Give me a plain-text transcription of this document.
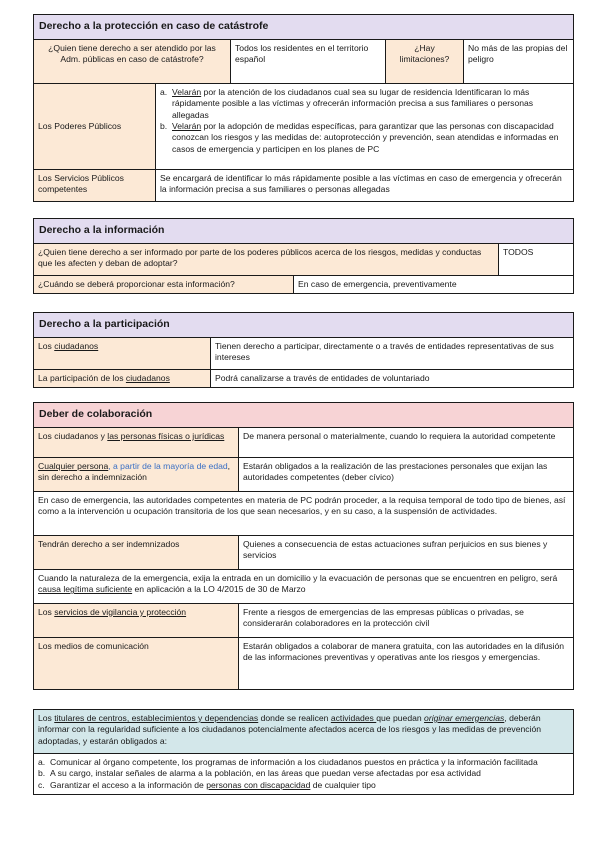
Derecho a la protección en caso de catástrofe				
¿Quien tiene derecho a ser atendido por las Adm. públicas en caso de catástrofe?		Todos los residentes en el territorio español	¿Hay limitaciones?	No más de las propias del peligro
Los Poderes Públicos	a. Velarán por la atención de los ciudadanos cual sea su lugar de residencia Identificaran lo más rápidamente posible a las víctimas y ofrecerán información precisa a sus familiares o personas allegadas
b. Velarán por la adopción de medidas específicas, para garantizar que las personas con discapacidad conozcan los riesgos y las medidas de: autoprotección y prevención, sean atendidas e informadas en casos de emergencia y participen en los planes de PC			

Los Servicios Públicos competentes	Se encargará de identificar lo más rápidamente posible a las víctimas en caso de emergencia y ofrecerán la información precisa a sus familiares o personas allegadas			
Derecho a la información		
¿Quien tiene derecho a ser informado por parte de los poderes públicos acerca de los riesgos, medidas y conductas que les afecten y deban de adoptar?		TODOS
¿Cuándo se deberá proporcionar esta información?	En caso de emergencia, preventivamente	
Derecho a la participación	
Los ciudadanos	Tienen derecho a participar, directamente o a través de entidades representativas de sus intereses
La participación de los ciudadanos	Podrá canalizarse a través de entidades de voluntariado
Deber de colaboración	
Los ciudadanos y las personas físicas o jurídicas	De manera personal o materialmente, cuando lo requiera la autoridad competente
Cualquier persona, a partir de la mayoría de edad, sin derecho a indemnización	Estarán obligados a la realización de las prestaciones personales que exijan las autoridades competentes (deber cívico)
En caso de emergencia, las autoridades competentes en materia de PC podrán proceder, a la requisa temporal de todo tipo de bienes, así como a la intervención u ocupación transitoria de los que sean necesarios, y en su caso, a la suspensión de actividades.	
Tendrán derecho a ser indemnizados	Quienes a consecuencia de estas actuaciones sufran perjuicios en sus bienes y servicios
Cuando la naturaleza de la emergencia, exija la entrada en un domicilio y la evacuación de personas que se encuentren en peligro, será causa legítima suficiente en aplicación a la LO 4/2015 de 30 de Marzo	
Los servicios de vigilancia y protección	Frente a riesgos de emergencias de las empresas públicas o privadas, se considerarán colaboradores en la protección civil
Los medios de comunicación	Estarán obligados a colaborar de manera gratuita, con las autoridades en la difusión de las informaciones preventivas y operativas ante los riesgos y emergencias.
Los titulares de centros, establecimientos y dependencias donde se realicen actividades que puedan originar emergencias, deberán informar con la regularidad suficiente a los ciudadanos potencialmente afectados acerca de los riesgos y las medidas de prevención adoptadas, y estarán obligados a:

a. Comunicar al órgano competente, los programas de información a los ciudadanos puestos en práctica y la información facilitada
b. A su cargo, instalar señales de alarma a la población, en las áreas que puedan verse afectadas por esa actividad
c. Garantizar el acceso a la información de personas con discapacidad de cualquier tipo
